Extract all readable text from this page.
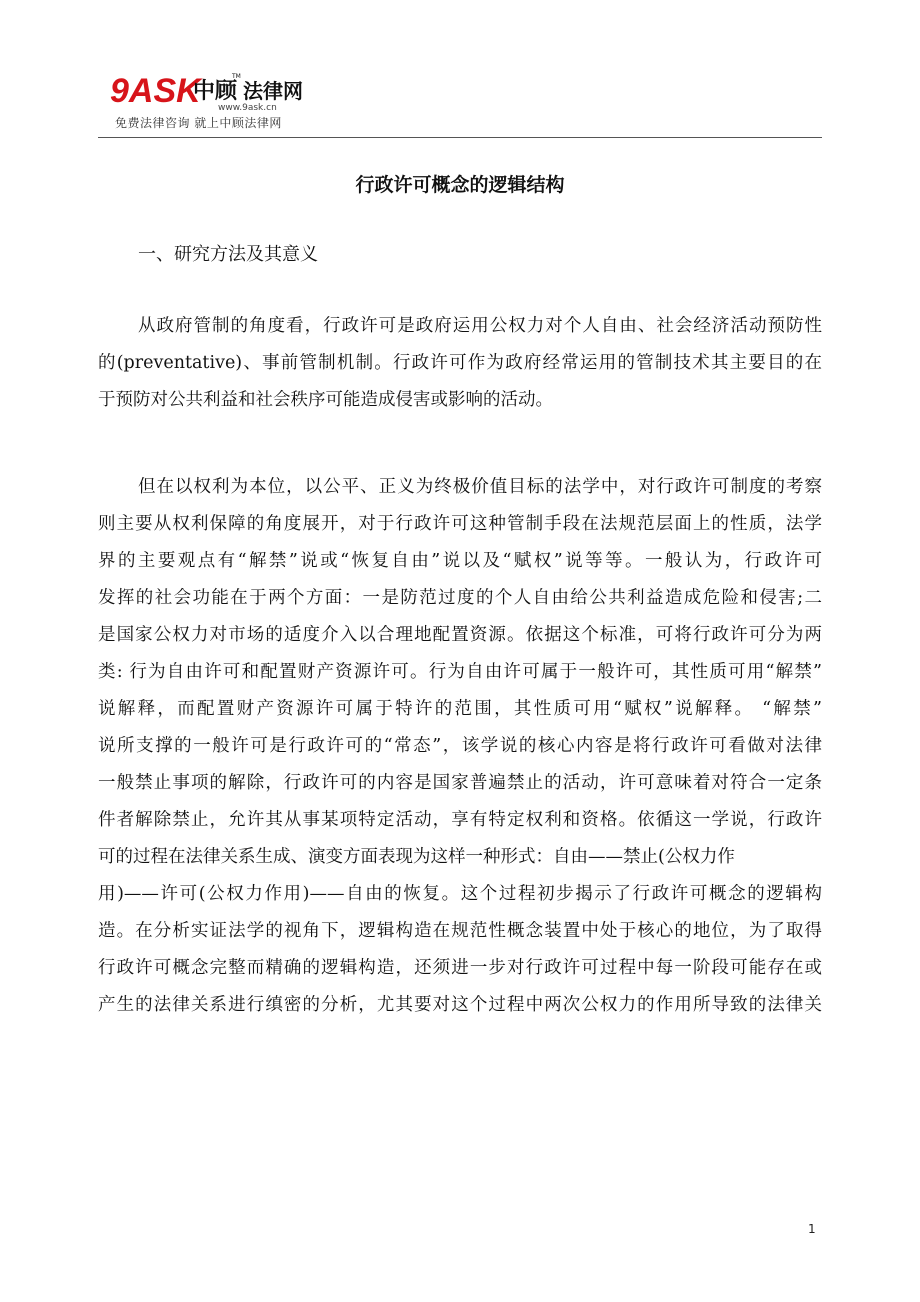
9ASK
中顾 法律网
TM
www.9ask.cn
免费法律咨询 就上中顾法律网
行政许可概念的逻辑结构
一、研究方法及其意义
从政府管制的角度看，行政许可是政府运用公权力对个人自由、社会经济活动预防性
的(preventative)、事前管制机制。行政许可作为政府经常运用的管制技术其主要目的在
于预防对公共利益和社会秩序可能造成侵害或影响的活动。
但在以权利为本位，以公平、正义为终极价值目标的法学中，对行政许可制度的考察
则主要从权利保障的角度展开，对于行政许可这种管制手段在法规范层面上的性质，法学
界的主要观点有“解禁”说或“恢复自由”说以及“赋权”说等等。一般认为，行政许可
发挥的社会功能在于两个方面：一是防范过度的个人自由给公共利益造成危险和侵害;二
是国家公权力对市场的适度介入以合理地配置资源。依据这个标准，可将行政许可分为两
类: 行为自由许可和配置财产资源许可。行为自由许可属于一般许可，其性质可用“解禁”
说解释，而配置财产资源许可属于特许的范围，其性质可用“赋权”说解释。 “解禁”
说所支撑的一般许可是行政许可的“常态”，该学说的核心内容是将行政许可看做对法律
一般禁止事项的解除，行政许可的内容是国家普遍禁止的活动，许可意味着对符合一定条
件者解除禁止，允许其从事某项特定活动，享有特定权利和资格。依循这一学说，行政许
可的过程在法律关系生成、演变方面表现为这样一种形式：自由——禁止(公权力作
用)——许可(公权力作用)——自由的恢复。这个过程初步揭示了行政许可概念的逻辑构
造。在分析实证法学的视角下，逻辑构造在规范性概念装置中处于核心的地位，为了取得
行政许可概念完整而精确的逻辑构造，还须进一步对行政许可过程中每一阶段可能存在或
产生的法律关系进行缜密的分析，尤其要对这个过程中两次公权力的作用所导致的法律关
1
